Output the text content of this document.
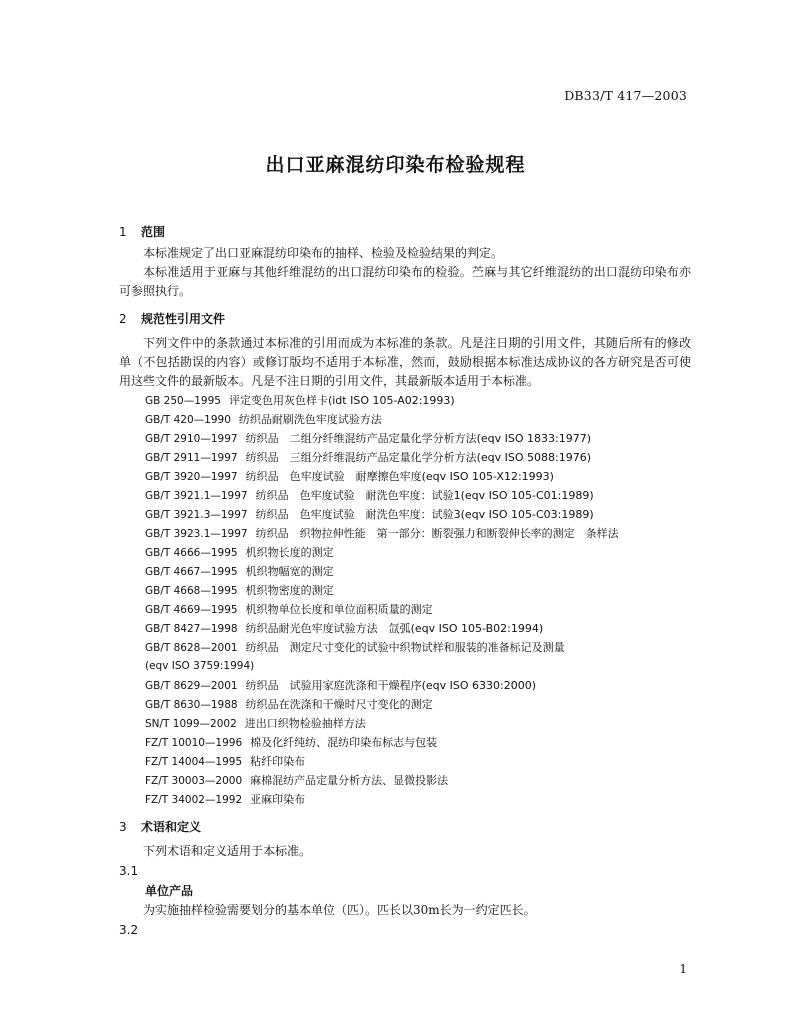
DB33/T 417—2003
出口亚麻混纺印染布检验规程
1 范围

本标准规定了出口亚麻混纺印染布的抽样、检验及检验结果的判定。

本标准适用于亚麻与其他纤维混纺的出口混纺印染布的检验。苎麻与其它纤维混纺的出口混纺印染布亦可参照执行。

2 规范性引用文件

下列文件中的条款通过本标准的引用而成为本标准的条款。凡是注日期的引用文件，其随后所有的修改单（不包括勘误的内容）或修订版均不适用于本标准，然而，鼓励根据本标准达成协议的各方研究是否可使用这些文件的最新版本。凡是不注日期的引用文件，其最新版本适用于本标准。

GB 250—1995 评定变色用灰色样卡(idt ISO 105-A02:1993)

GB/T 420—1990 纺织品耐刷洗色牢度试验方法

GB/T 2910—1997 纺织品　二组分纤维混纺产品定量化学分析方法(eqv ISO 1833:1977)

GB/T 2911—1997 纺织品　三组分纤维混纺产品定量化学分析方法(eqv ISO 5088:1976)

GB/T 3920—1997 纺织品　色牢度试验　耐摩擦色牢度(eqv ISO 105-X12:1993)

GB/T 3921.1—1997 纺织品　色牢度试验　耐洗色牢度：试验1(eqv ISO 105-C01:1989)

GB/T 3921.3—1997 纺织品　色牢度试验　耐洗色牢度：试验3(eqv ISO 105-C03:1989)

GB/T 3923.1—1997 纺织品　织物拉伸性能　第一部分：断裂强力和断裂伸长率的测定　条样法

GB/T 4666—1995 机织物长度的测定

GB/T 4667—1995 机织物幅宽的测定

GB/T 4668—1995 机织物密度的测定

GB/T 4669—1995 机织物单位长度和单位面积质量的测定

GB/T 8427—1998 纺织品耐光色牢度试验方法　氙弧(eqv ISO 105-B02:1994)

GB/T 8628—2001 纺织品　测定尺寸变化的试验中织物试样和服装的准备标记及测量

(eqv ISO 3759:1994)

GB/T 8629—2001 纺织品　试验用家庭洗涤和干燥程序(eqv ISO 6330:2000)

GB/T 8630—1988 纺织品在洗涤和干燥时尺寸变化的测定

SN/T 1099—2002 进出口织物检验抽样方法

FZ/T 10010—1996 棉及化纤纯纺、混纺印染布标志与包装

FZ/T 14004—1995 粘纤印染布

FZ/T 30003—2000 麻棉混纺产品定量分析方法、显微投影法

FZ/T 34002—1992 亚麻印染布

3 术语和定义

下列术语和定义适用于本标准。

3.1

单位产品

为实施抽样检验需要划分的基本单位（匹）。匹长以30m长为一约定匹长。

3.2

1
